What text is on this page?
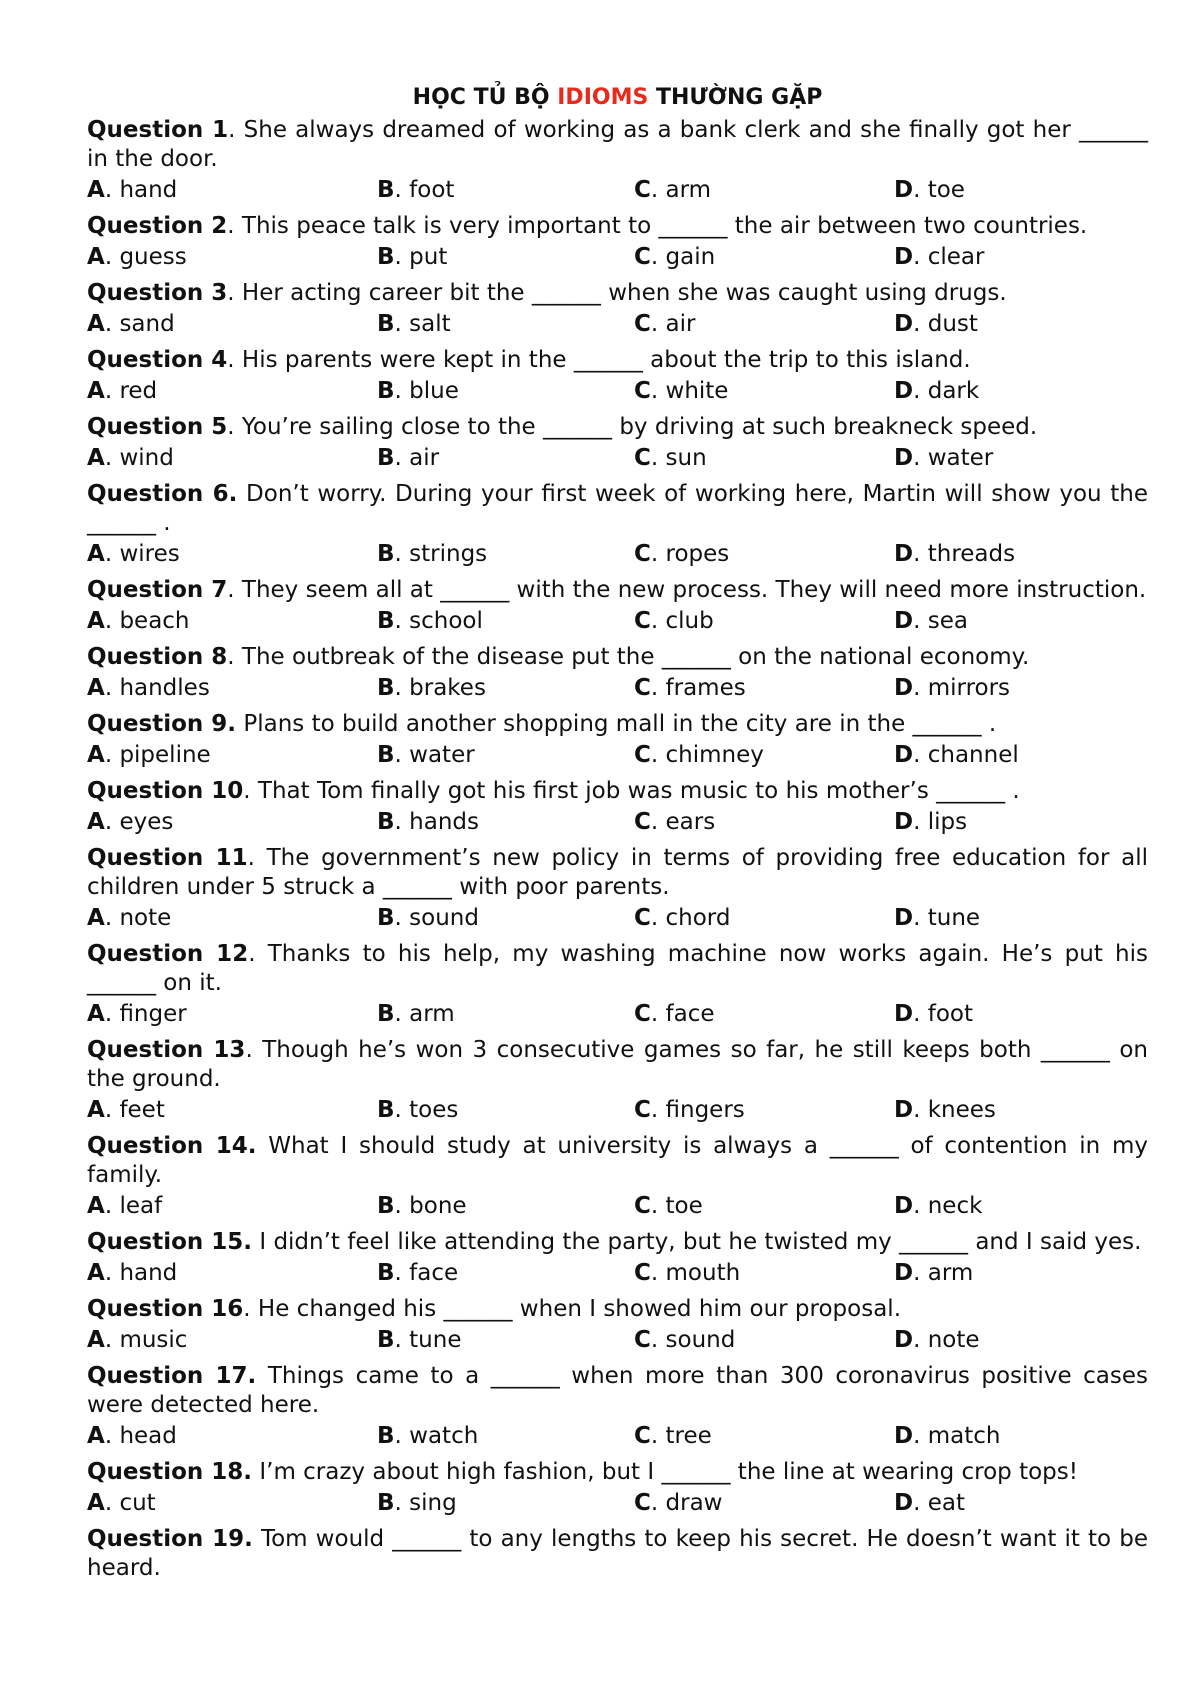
HỌC TỦ BỘ IDIOMS THƯỜNG GẶP
Question 1. She always dreamed of working as a bank clerk and she finally got her ______ in the door.
A. hand	B. foot	C. arm	D. toe
Question 2. This peace talk is very important to ______ the air between two countries.
A. guess	B. put	C. gain	D. clear
Question 3. Her acting career bit the ______ when she was caught using drugs.
A. sand	B. salt	C. air	D. dust
Question 4. His parents were kept in the ______ about the trip to this island.
A. red	B. blue	C. white	D. dark
Question 5. You’re sailing close to the ______ by driving at such breakneck speed.
A. wind	B. air	C. sun	D. water
Question 6. Don’t worry. During your first week of working here, Martin will show you the ______ .
A. wires	B. strings	C. ropes	D. threads
Question 7. They seem all at ______ with the new process. They will need more instruction.
A. beach	B. school	C. club	D. sea
Question 8. The outbreak of the disease put the ______ on the national economy.
A. handles	B. brakes	C. frames	D. mirrors
Question 9. Plans to build another shopping mall in the city are in the ______ .
A. pipeline	B. water	C. chimney	D. channel
Question 10. That Tom finally got his first job was music to his mother’s ______ .
A. eyes	B. hands	C. ears	D. lips
Question 11. The government’s new policy in terms of providing free education for all children under 5 struck a ______ with poor parents.
A. note	B. sound	C. chord	D. tune
Question 12. Thanks to his help, my washing machine now works again. He’s put his ______ on it.
A. finger	B. arm	C. face	D. foot
Question 13. Though he’s won 3 consecutive games so far, he still keeps both ______ on the ground.
A. feet	B. toes	C. fingers	D. knees
Question 14. What I should study at university is always a ______ of contention in my family.
A. leaf	B. bone	C. toe	D. neck
Question 15. I didn’t feel like attending the party, but he twisted my ______ and I said yes.
A. hand	B. face	C. mouth	D. arm
Question 16. He changed his ______ when I showed him our proposal.
A. music	B. tune	C. sound	D. note
Question 17. Things came to a ______ when more than 300 coronavirus positive cases were detected here.
A. head	B. watch	C. tree	D. match
Question 18. I’m crazy about high fashion, but I ______ the line at wearing crop tops!
A. cut	B. sing	C. draw	D. eat
Question 19. Tom would ______ to any lengths to keep his secret. He doesn’t want it to be heard.
